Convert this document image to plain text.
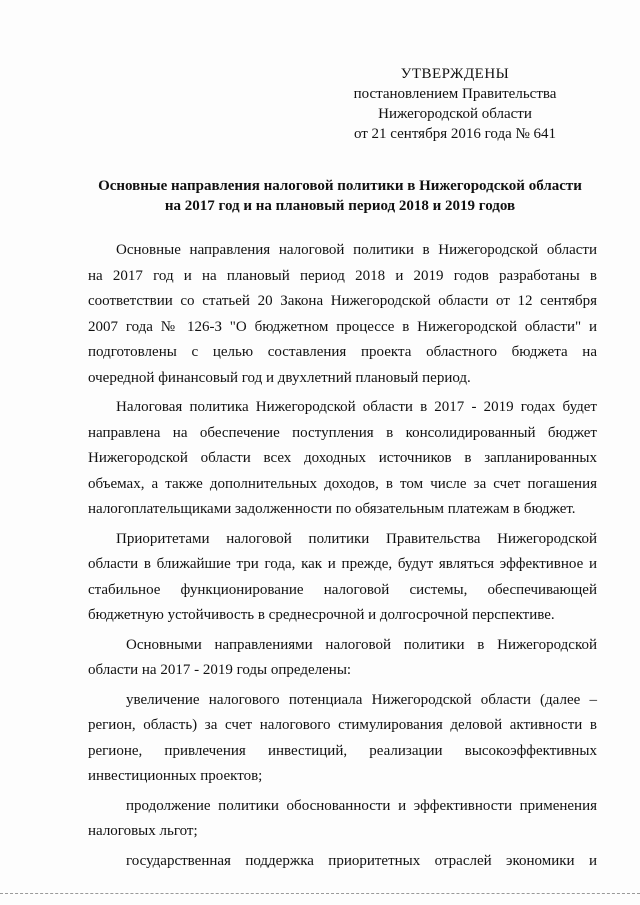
УТВЕРЖДЕНЫ
постановлением Правительства
Нижегородской области
от 21 сентября 2016 года № 641
Основные направления налоговой политики в Нижегородской области
на 2017 год и на плановый период 2018 и 2019 годов

Основные направления налоговой политики в Нижегородской области
на 2017 год и на плановый период 2018 и 2019 годов разработаны в
соответствии со статьей 20 Закона Нижегородской области от 12 сентября
2007 года № 126-З "О бюджетном процессе в Нижегородской области" и
подготовлены с целью составления проекта областного бюджета на
очередной финансовый год и двухлетний плановый период.

Налоговая политика Нижегородской области в 2017 - 2019 годах будет
направлена на обеспечение поступления в консолидированный бюджет
Нижегородской области всех доходных источников в запланированных
объемах, а также дополнительных доходов, в том числе за счет погашения
налогоплательщиками задолженности по обязательным платежам в бюджет.

Приоритетами налоговой политики Правительства Нижегородской
области в ближайшие три года, как и прежде, будут являться эффективное и
стабильное функционирование налоговой системы, обеспечивающей
бюджетную устойчивость в среднесрочной и долгосрочной перспективе.

Основными направлениями налоговой политики в Нижегородской
области на 2017 - 2019 годы определены:

увеличение налогового потенциала Нижегородской области (далее –
регион, область) за счет налогового стимулирования деловой активности в
регионе, привлечения инвестиций, реализации высокоэффективных
инвестиционных проектов;

продолжение политики обоснованности и эффективности применения
налоговых льгот;

государственная поддержка приоритетных отраслей экономики и
